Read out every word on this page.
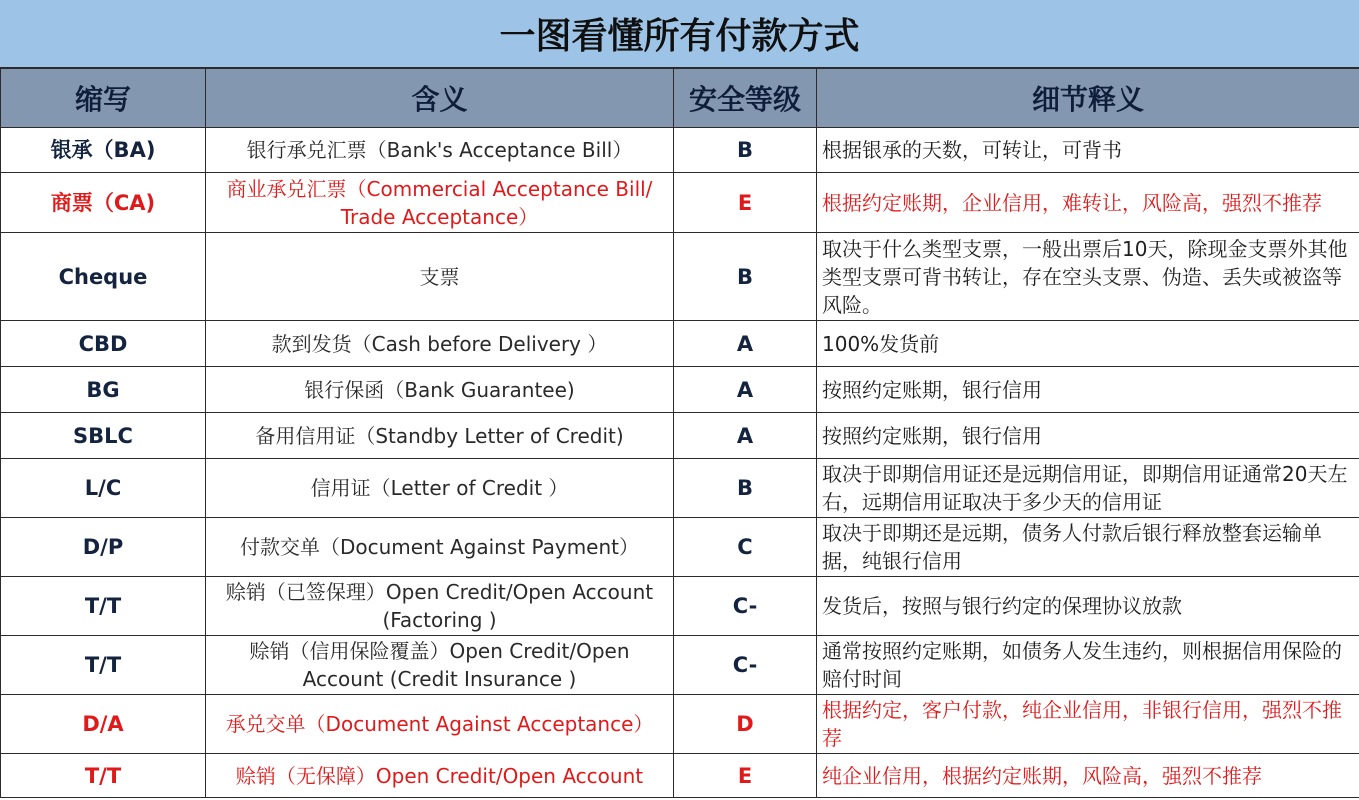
一图看懂所有付款方式
缩写	含义	安全等级	细节释义
银承（BA)	银行承兑汇票（Bank's Acceptance Bill）	B	根据银承的天数，可转让，可背书
商票（CA)	商业承兑汇票（Commercial Acceptance Bill/ Trade Acceptance）	E	根据约定账期，企业信用，难转让，风险高，强烈不推荐
Cheque	支票	B	取决于什么类型支票，一般出票后10天，除现金支票外其他类型支票可背书转让，存在空头支票、伪造、丢失或被盗等风险。
CBD	款到发货（Cash before Delivery ）	A	100%发货前
BG	银行保函（Bank Guarantee)	A	按照约定账期，银行信用
SBLC	备用信用证（Standby Letter of Credit)	A	按照约定账期，银行信用
L/C	信用证（Letter of Credit ）	B	取决于即期信用证还是远期信用证，即期信用证通常20天左右，远期信用证取决于多少天的信用证
D/P	付款交单（Document Against Payment）	C	取决于即期还是远期，债务人付款后银行释放整套运输单据，纯银行信用
T/T	赊销（已签保理）Open Credit/Open Account (Factoring )	C-	发货后，按照与银行约定的保理协议放款
T/T	赊销（信用保险覆盖）Open Credit/Open Account (Credit Insurance )	C-	通常按照约定账期，如债务人发生违约，则根据信用保险的赔付时间
D/A	承兑交单（Document Against Acceptance）	D	根据约定，客户付款，纯企业信用，非银行信用，强烈不推荐
T/T	赊销（无保障）Open Credit/Open Account	E	纯企业信用，根据约定账期，风险高，强烈不推荐
